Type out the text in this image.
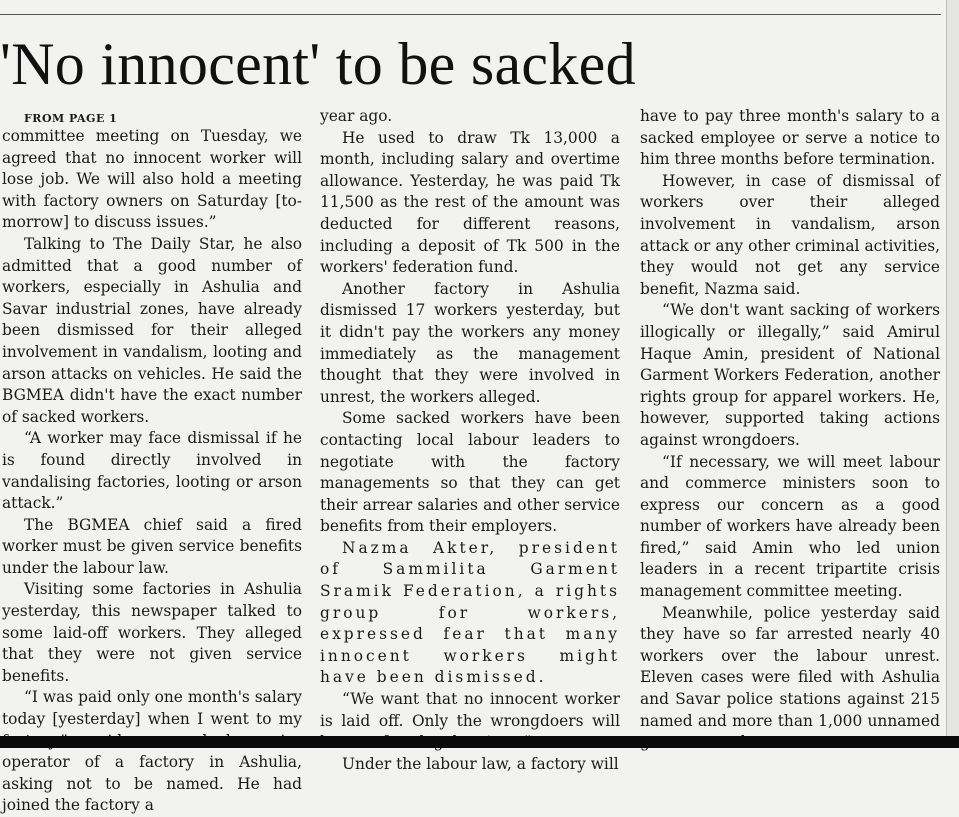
'No innocent' to be sacked

FROM PAGE 1

committee meeting on Tuesday, we agreed that no innocent worker will lose job. We will also hold a meeting with factory owners on Saturday [to-morrow] to discuss issues.”

Talking to The Daily Star, he also admitted that a good number of workers, especially in Ashulia and Savar industrial zones, have already been dismissed for their alleged involvement in vandalism, looting and arson attacks on vehicles. He said the BGMEA didn't have the exact number of sacked workers.

“A worker may face dismissal if he is found directly involved in vandalising factories, looting or arson attack.”

The BGMEA chief said a fired worker must be given service benefits under the labour law.

Visiting some factories in Ashulia yesterday, this newspaper talked to some laid-off workers. They alleged that they were not given service benefits.

“I was paid only one month's salary today [yesterday] when I went to my operator of a factory in Ashulia, asking not to be named. He had joined the factory a

year ago.

He used to draw Tk 13,000 a month, including salary and overtime allowance. Yesterday, he was paid Tk 11,500 as the rest of the amount was deducted for different reasons, including a deposit of Tk 500 in the workers' federation fund.

Another factory in Ashulia dismissed 17 workers yesterday, but it didn't pay the workers any money immediately as the management thought that they were involved in unrest, the workers alleged.

Some sacked workers have been contacting local labour leaders to negotiate with the factory managements so that they can get their arrear salaries and other service benefits from their employers.

Nazma Akter, president of Sammilita Garment Sramik Federation, a rights group for workers, expressed fear that many innocent workers might have been dismissed.

“We want that no innocent worker is laid off. Only the wrongdoers will

Under the labour law, a factory will

have to pay three month's salary to a sacked employee or serve a notice to him three months before termination.

However, in case of dismissal of workers over their alleged involvement in vandalism, arson attack or any other criminal activities, they would not get any service benefit, Nazma said.

“We don't want sacking of workers illogically or illegally,” said Amirul Haque Amin, president of National Garment Workers Federation, another rights group for apparel workers. He, however, supported taking actions against wrongdoers.

“If necessary, we will meet labour and commerce ministers soon to express our concern as a good number of workers have already been fired,” said Amin who led union leaders in a recent tripartite crisis management committee meeting.

Meanwhile, police yesterday said they have so far arrested nearly 40 workers over the labour unrest. Eleven cases were filed with Ashulia and Savar police stations against 215 named and more than 1,000 unnamed
